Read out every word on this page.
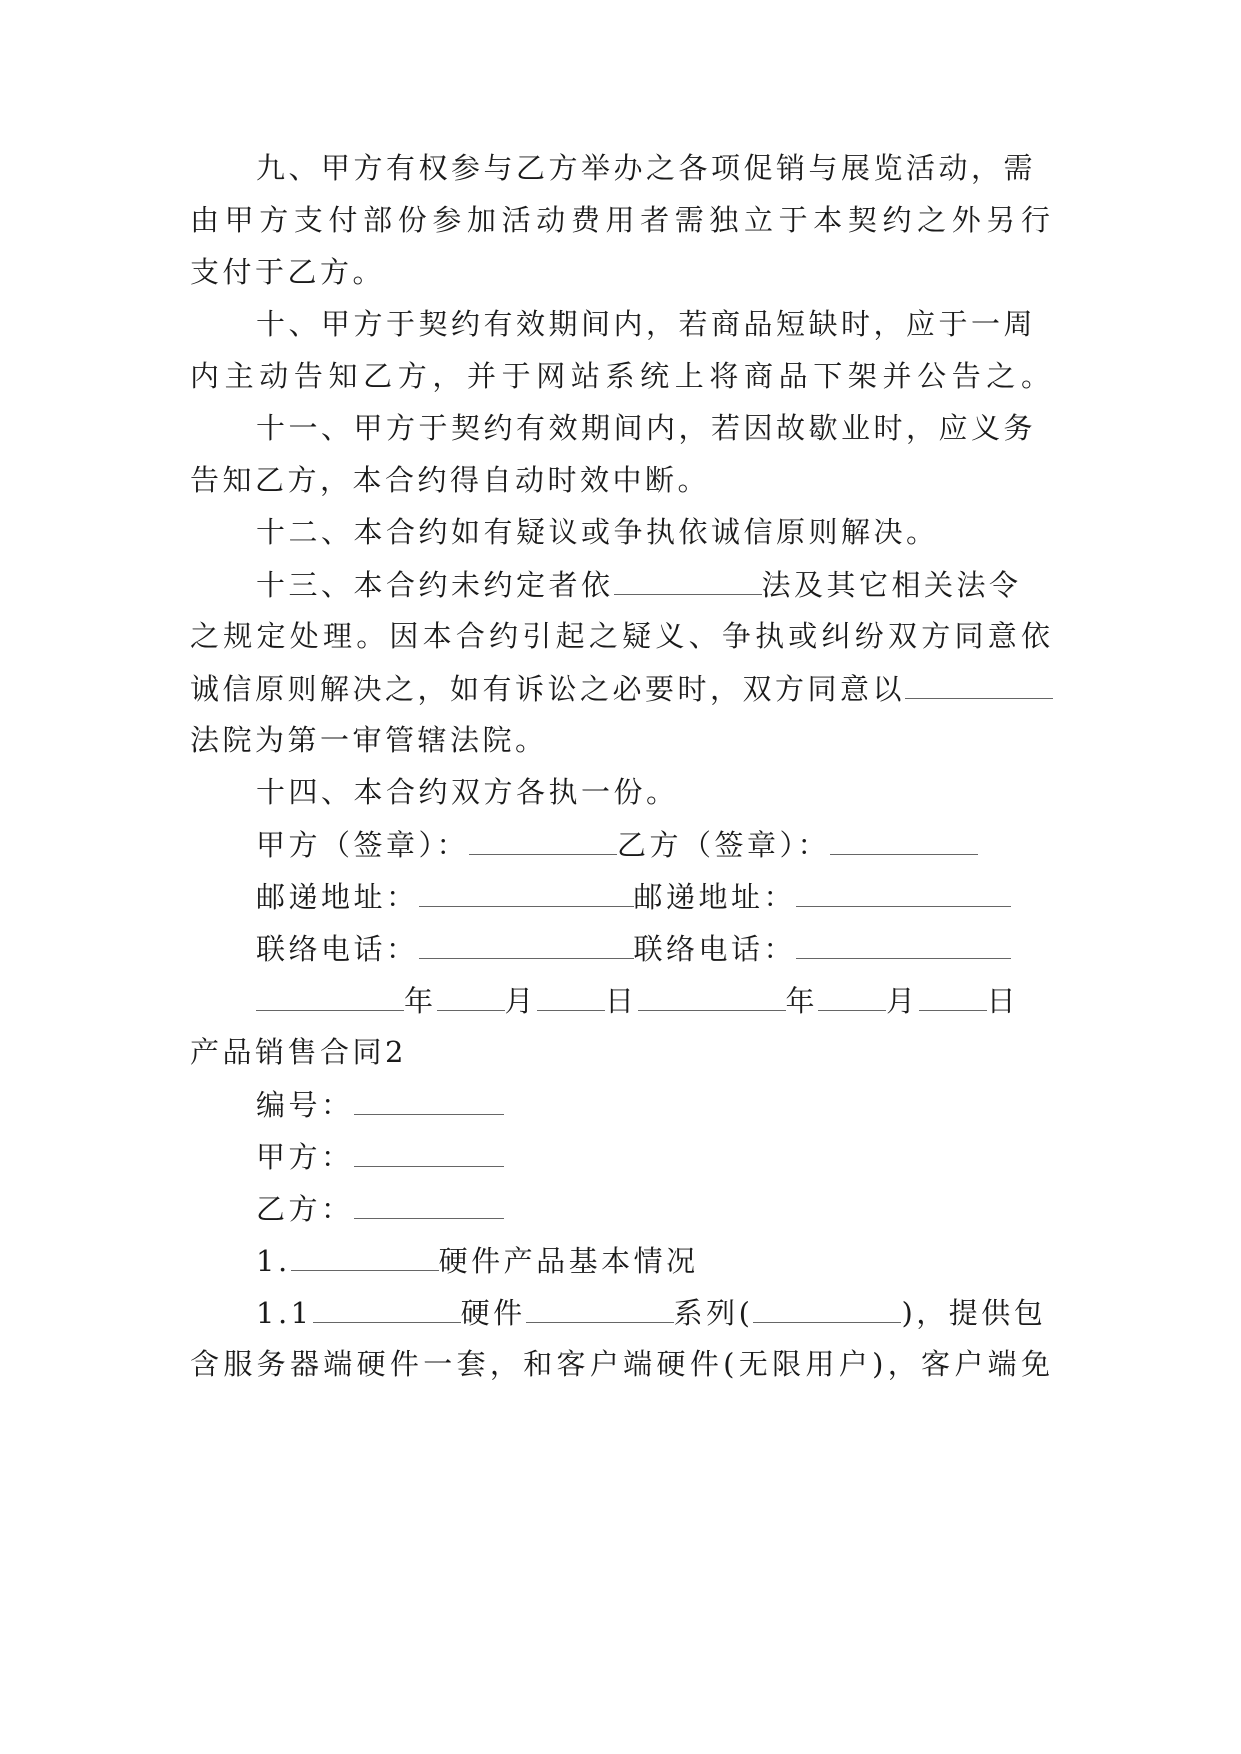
九、甲方有权参与乙方举办之各项促销与展览活动，需
由甲方支付部份参加活动费用者需独立于本契约之外另行
支付于乙方。
十、甲方于契约有效期间内，若商品短缺时，应于一周
内主动告知乙方，并于网站系统上将商品下架并公告之。
十一、甲方于契约有效期间内，若因故歇业时，应义务
告知乙方，本合约得自动时效中断。
十二、本合约如有疑议或争执依诚信原则解决。
十三、本合约未约定者依	法及其它相关法令
之规定处理。因本合约引起之疑义、争执或纠纷双方同意依
诚信原则解决之，如有诉讼之必要时，双方同意以
法院为第一审管辖法院。
十四、本合约双方各执一份。
甲方（签章）：	乙方（签章）：
邮递地址：	邮递地址：
联络电话：	联络电话：
年 月 日	年 月 日
产品销售合同2
编号：
甲方：
乙方：
1.	硬件产品基本情况
1.1	硬件	系列(	)，提供包
含服务器端硬件一套，和客户端硬件(无限用户)，客户端免
